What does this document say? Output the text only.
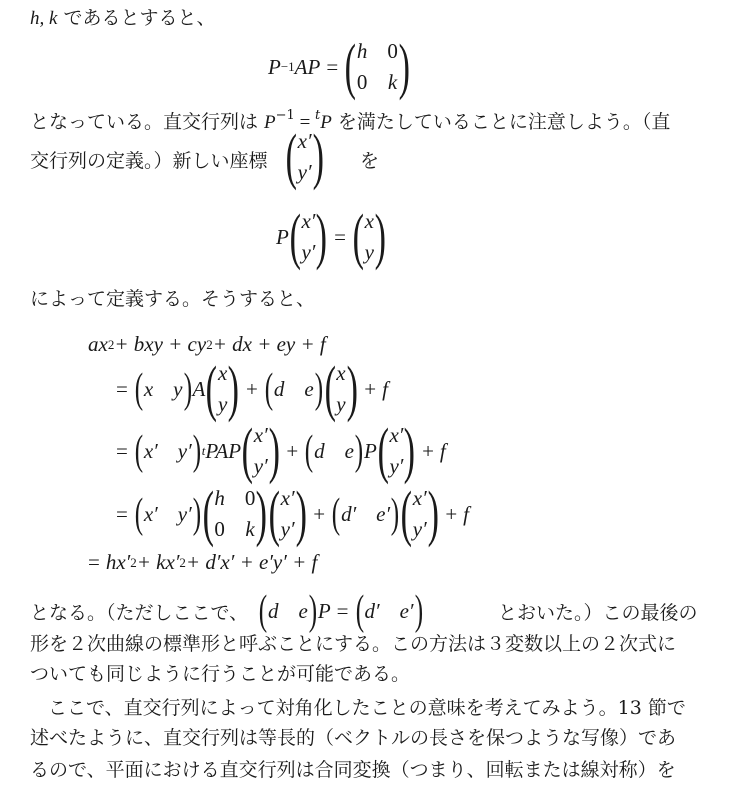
h, k であるとすると、
P −1 AP = ( h 0
0 k )
となっている。直交行列は $P^{-1} = ^tP$ を満たしていることに注意しよう。（直
交行列の定義。）新しい座標 ( x′
y′ ) を
P ( x′
y′ ) = ( x
y )
によって定義する。そうすると、
ax 2 + bxy + cy 2 + dx + ey + f
= ( x y ) A ( x
y ) + ( d e ) ( x
y ) + f
= ( x′ y′ ) t PAP ( x′
y′ ) + ( d e ) P ( x′
y′ ) + f
= ( x′ y′ ) ( h 0
0 k ) ( x′
y′ ) + ( d′ e′ ) ( x′
y′ ) + f
= hx′ 2 + kx′ 2 + d′x′ + e′y′ + f
となる。（ただしここで、 ( d e ) P = ( d′ e′ )	とおいた。）この最後の
形を２次曲線の標準形と呼ぶことにする。この方法は３変数以上の２次式に
ついても同じように行うことが可能である。
ここで、直交行列によって対角化したことの意味を考えてみよう。13 節で
述べたように、直交行列は等長的（ベクトルの長さを保つような写像）であ
るので、平面における直交行列は合同変換（つまり、回転または線対称）を
